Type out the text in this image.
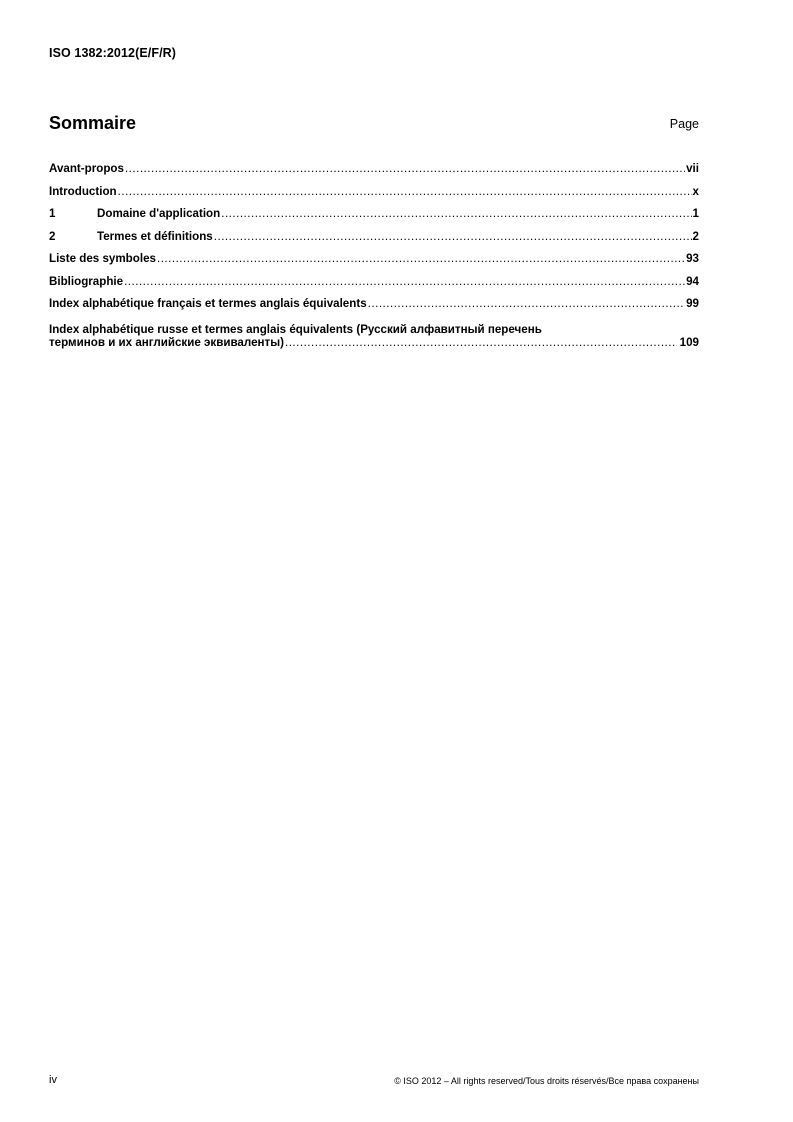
ISO 1382:2012(E/F/R)
Sommaire	Page
Avant-propos .....	vii
Introduction .....	x
1	Domaine d'application .....	1
2	Termes et définitions .....	2
Liste des symboles .....	93
Bibliographie .....	94
Index alphabétique français et termes anglais équivalents .....	99
Index alphabétique russe et termes anglais équivalents (Русский алфавитный перечень
терминов и их английские эквиваленты) .....	109
iv	© ISO 2012 – All rights reserved/Tous droits réservés/Все права сохранены
